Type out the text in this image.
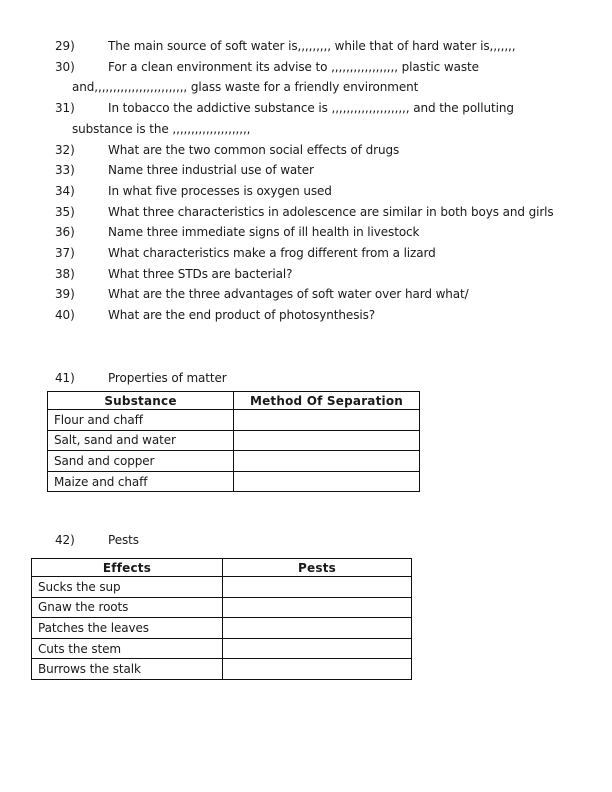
29)	The main source of soft water is,,,,,,,,, while that of hard water is,,,,,,,
30)	For a clean environment its advise to ,,,,,,,,,,,,,,,,,, plastic waste
and,,,,,,,,,,,,,,,,,,,,,,,,, glass waste for a friendly environment
31)	In tobacco the addictive substance is ,,,,,,,,,,,,,,,,,,,,, and the polluting
substance is the ,,,,,,,,,,,,,,,,,,,,,
32)	What are the two common social effects of drugs
33)	Name three industrial use of water
34)	In what five processes is oxygen used
35)	What three characteristics in adolescence are similar in both boys and girls
36)	Name three immediate signs of ill health in livestock
37)	What characteristics make a frog different from a lizard
38)	What three STDs are bacterial?
39)	What are the three advantages of soft water over hard what/
40)	What are the end product of photosynthesis?
41)	Properties of matter
Substance	Method Of Separation
Flour and chaff	
Salt, sand and water	
Sand and copper	
Maize and chaff	
42)	Pests
Effects	Pests
Sucks the sup	
Gnaw the roots	
Patches the leaves	
Cuts the stem	
Burrows the stalk	
